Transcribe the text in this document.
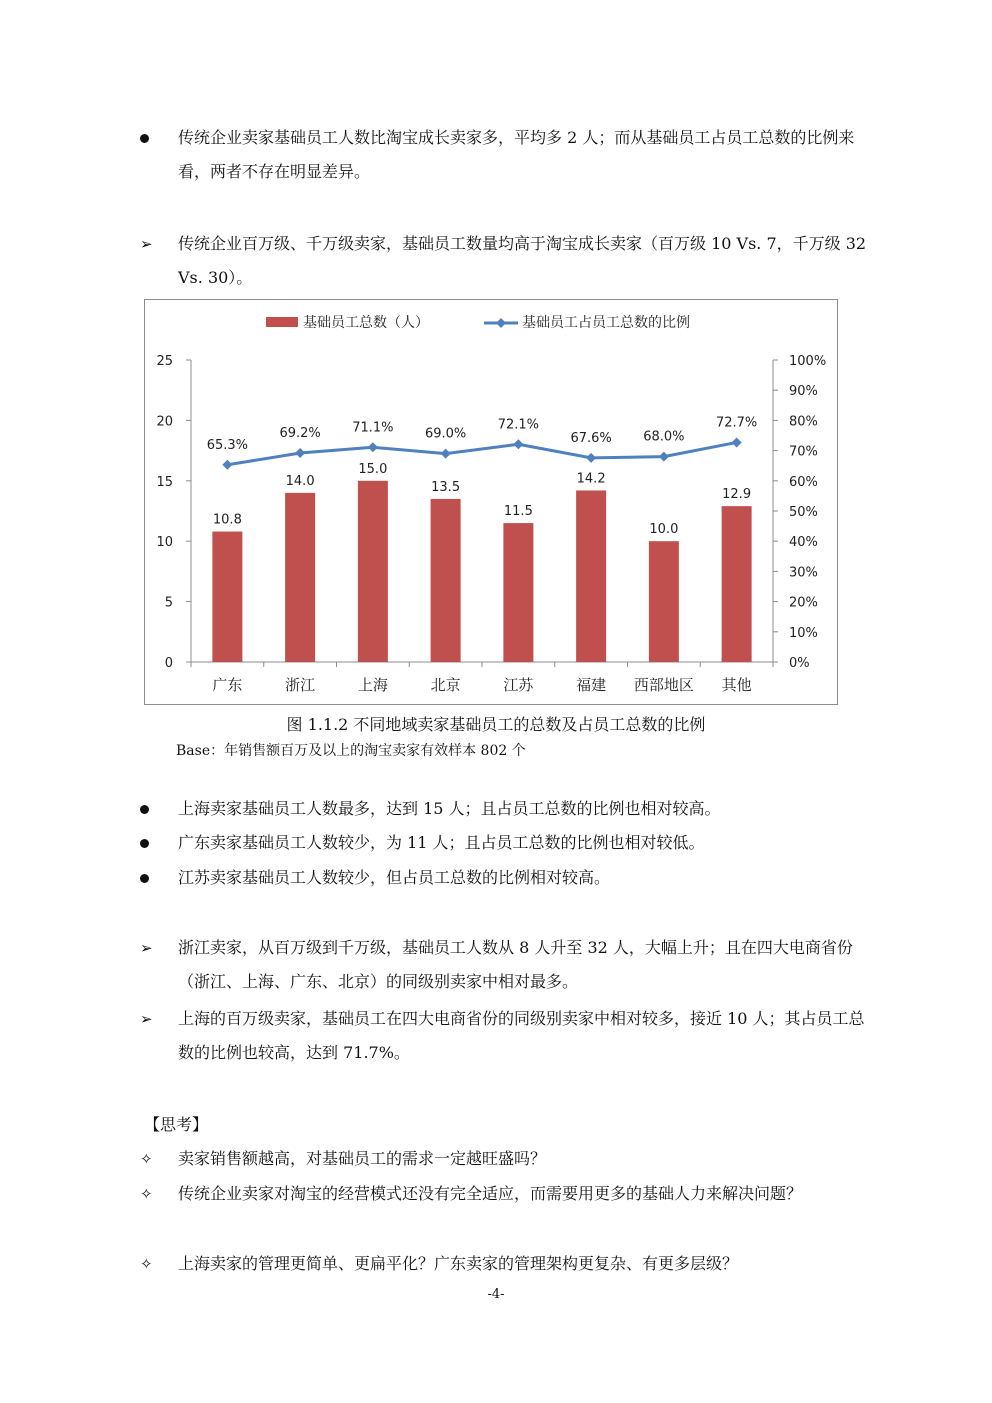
传统企业卖家基础员工人数比淘宝成长卖家多，平均多 2 人；而从基础员工占员工总数的比例来看，两者不存在明显差异。
➢	传统企业百万级、千万级卖家，基础员工数量均高于淘宝成长卖家（百万级 10 Vs. 7，千万级 32 Vs. 30）。
0
5
10
15
20
25
0%
10%
20%
30%
40%
50%
60%
70%
80%
90%
100%
广东	浙江	上海	北京	江苏	福建 西部地区 其他
10.8
14.0
15.0
13.5
11.5
14.2
10.0
12.9
65.3%
69.2% 71.1% 69.0%
72.1%
67.6% 68.0%
72.7%
基础员工总数（人）	基础员工占员工总数的比例
图 1.1.2 不同地域卖家基础员工的总数及占员工总数的比例
Base：年销售额百万及以上的淘宝卖家有效样本 802 个
上海卖家基础员工人数最多，达到 15 人；且占员工总数的比例也相对较高。
广东卖家基础员工人数较少，为 11 人；且占员工总数的比例也相对较低。
江苏卖家基础员工人数较少，但占员工总数的比例相对较高。
➢	浙江卖家，从百万级到千万级，基础员工人数从 8 人升至 32 人，大幅上升；且在四大电商省份（浙江、上海、广东、北京）的同级别卖家中相对最多。
➢	上海的百万级卖家，基础员工在四大电商省份的同级别卖家中相对较多，接近 10 人；其占员工总数的比例也较高，达到 71.7%。
【思考】
✧	卖家销售额越高，对基础员工的需求一定越旺盛吗？
✧	传统企业卖家对淘宝的经营模式还没有完全适应，而需要用更多的基础人力来解决问题？
✧	上海卖家的管理更简单、更扁平化？广东卖家的管理架构更复杂、有更多层级？
-4-
